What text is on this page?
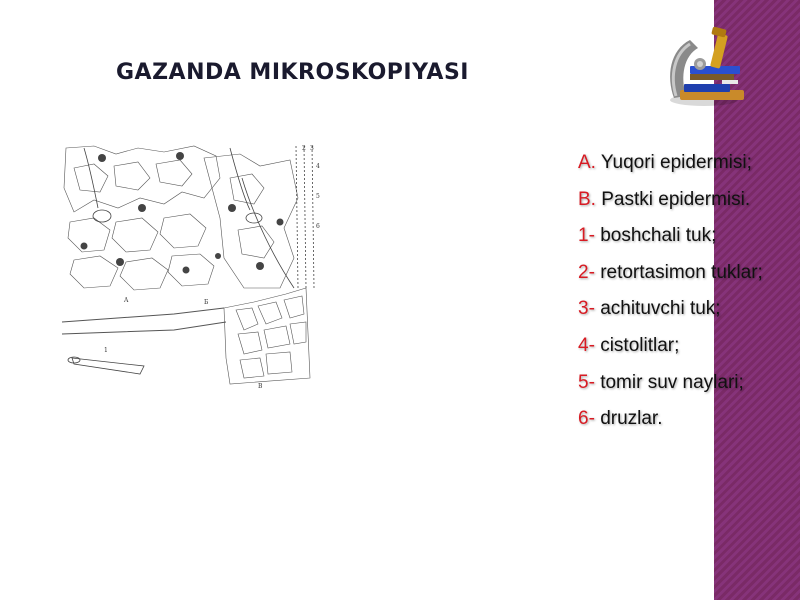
GAZANDA MIKROSKOPIYASI
A	Б
B
1
2 3
4
5
6
A. Yuqori epidermisi;
B. Pastki epidermisi.
1- boshchali tuk;
2- retortasimon tuklar;
3- achituvchi tuk;
4- cistolitlar;
5- tomir suv naylari;
6- druzlar.
